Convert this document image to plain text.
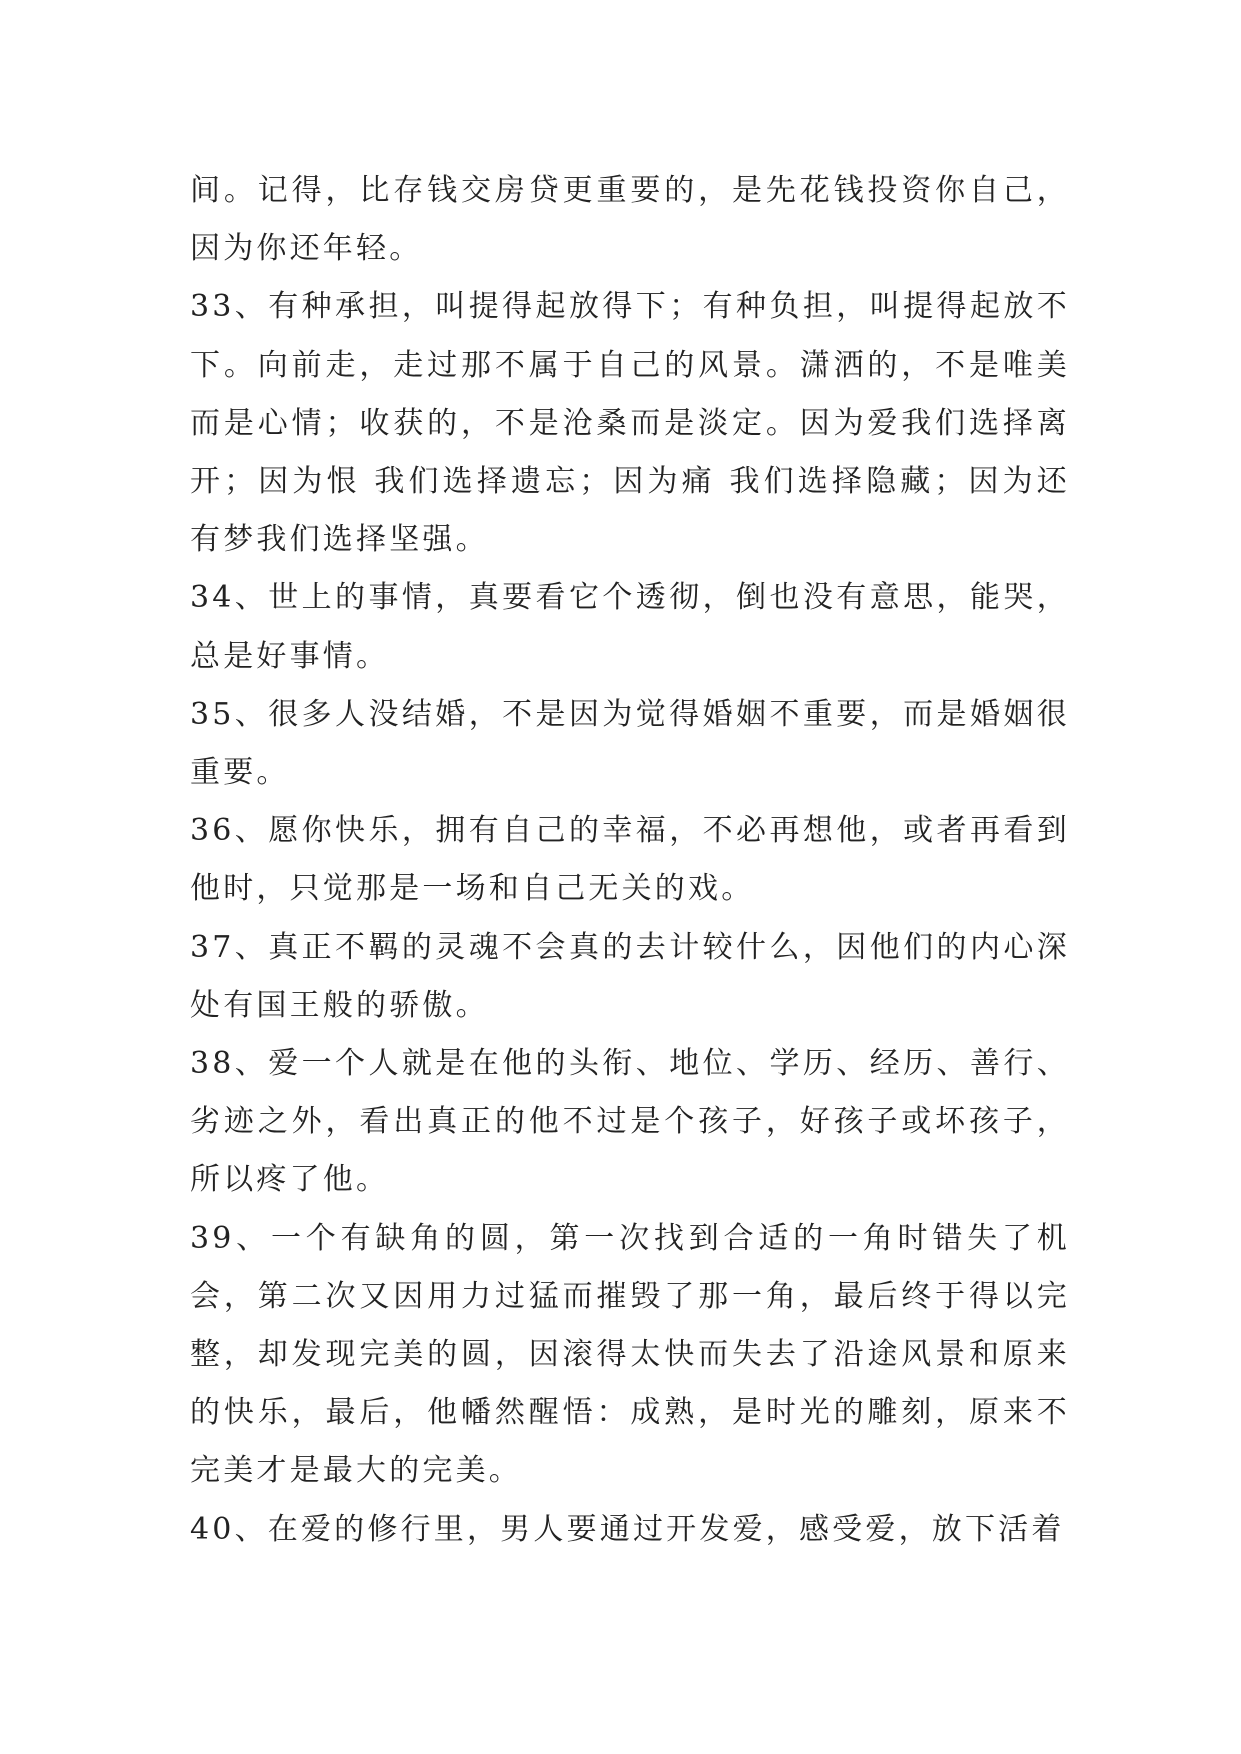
间。记得，比存钱交房贷更重要的，是先花钱投资你自己，因为你还年轻。

33、有种承担，叫提得起放得下；有种负担，叫提得起放不下。向前走，走过那不属于自己的风景。潇洒的，不是唯美而是心情；收获的，不是沧桑而是淡定。因为爱我们选择离开；因为恨 我们选择遗忘；因为痛 我们选择隐藏；因为还有梦我们选择坚强。

34、世上的事情，真要看它个透彻，倒也没有意思，能哭，总是好事情。

35、很多人没结婚，不是因为觉得婚姻不重要，而是婚姻很重要。

36、愿你快乐，拥有自己的幸福，不必再想他，或者再看到他时，只觉那是一场和自己无关的戏。

37、真正不羁的灵魂不会真的去计较什么，因他们的内心深处有国王般的骄傲。

38、爱一个人就是在他的头衔、地位、学历、经历、善行、劣迹之外，看出真正的他不过是个孩子，好孩子或坏孩子，所以疼了他。

39、一个有缺角的圆，第一次找到合适的一角时错失了机会，第二次又因用力过猛而摧毁了那一角，最后终于得以完整，却发现完美的圆，因滚得太快而失去了沿途风景和原来的快乐，最后，他幡然醒悟：成熟，是时光的雕刻，原来不完美才是最大的完美。

40、在爱的修行里，男人要通过开发爱，感受爱，放下活着
